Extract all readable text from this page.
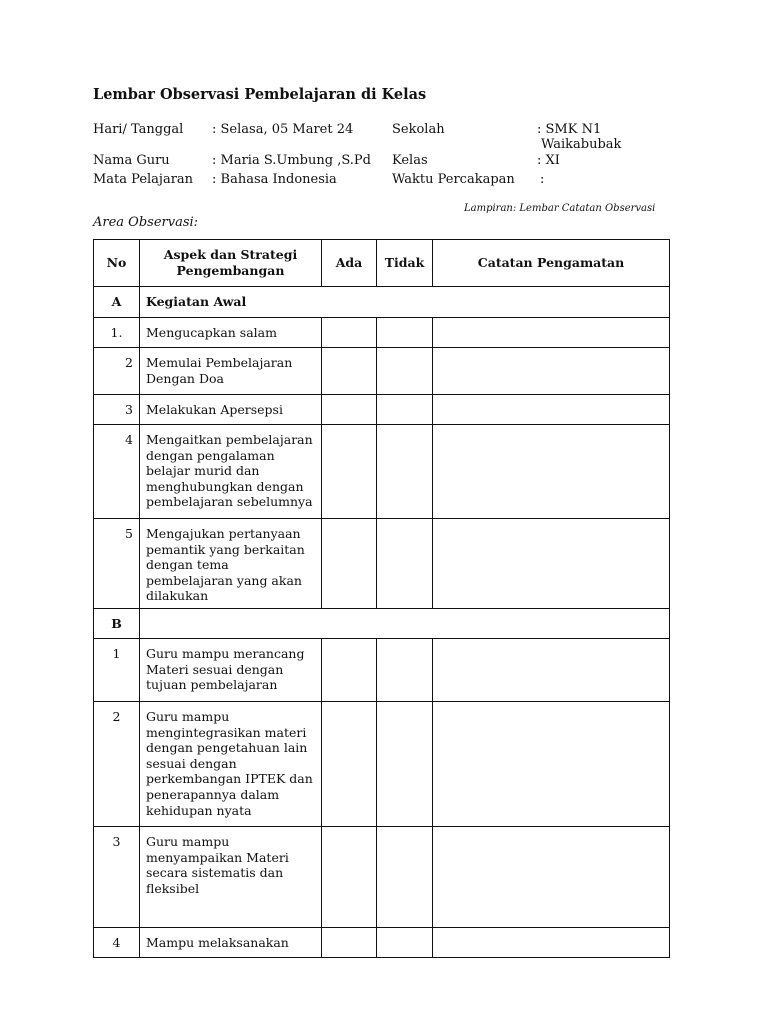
Lembar Observasi Pembelajaran di Kelas
Hari/ Tanggal : Selasa, 05 Maret 24	Sekolah	: SMK N1
Waikabubak
Nama Guru	: Maria S.Umbung ,S.Pd Kelas	: XI
Mata Pelajaran : Bahasa Indonesia	Waktu Percakapan :
Lampiran: Lembar Catatan Observasi
Area Observasi:
No	Aspek dan Strategi Pengembangan	Ada	Tidak	Catatan Pengamatan
A	Kegiatan Awal			
1.	Mengucapkan salam			
2	Memulai Pembelajaran Dengan Doa			
3	Melakukan Apersepsi			
4	Mengaitkan pembelajaran dengan pengalaman belajar murid dan menghubungkan dengan pembelajaran sebelumnya			
5	Mengajukan pertanyaan pemantik yang berkaitan dengan tema pembelajaran yang akan dilakukan			
B				
1	Guru mampu merancang Materi sesuai dengan tujuan pembelajaran			
2	Guru mampu mengintegrasikan materi dengan pengetahuan lain sesuai dengan perkembangan IPTEK dan penerapannya dalam kehidupan nyata			
3	Guru mampu menyampaikan Materi secara sistematis dan fleksibel			
4	Mampu melaksanakan			
